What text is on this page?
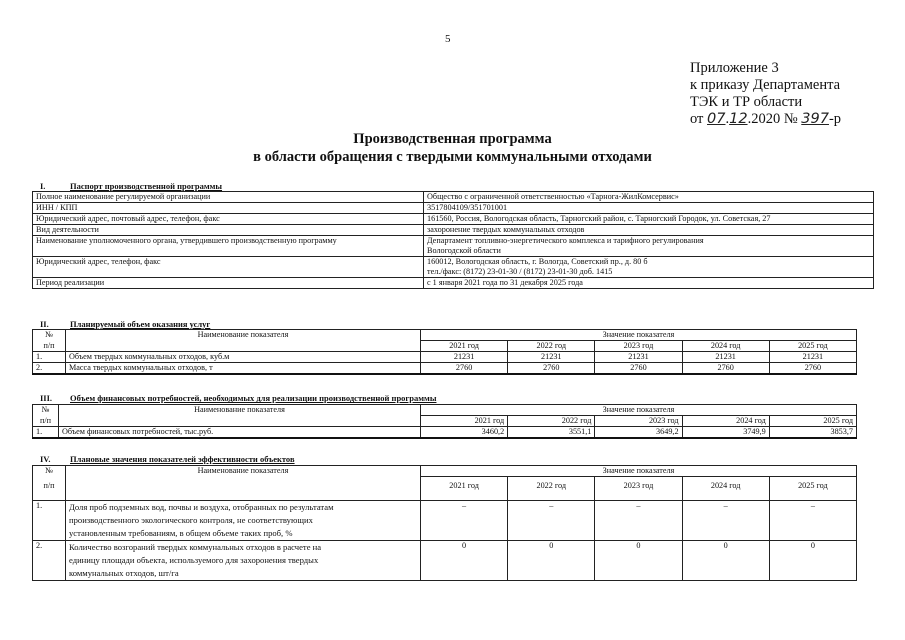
5
Приложение 3
к приказу Департамента
ТЭК и ТР области
от 07.12.2020 № 397-р
Производственная программа
в области обращения с твердыми коммунальными отходами
I.	Паспорт производственной программы
Полное наименование регулируемой организации	Общество с ограниченной ответственностью «Тарнога-ЖилКомсервис»
ИНН / КПП	3517804109/351701001
Юридический адрес, почтовый адрес, телефон, факс	161560, Россия, Вологодская область, Тарногский район, с. Тарногский Городок, ул. Советская, 27
Вид деятельности	захоронение твердых коммунальных отходов
Наименование уполномоченного органа, утвердившего производственную программу	Департамент топливно-энергетического комплекса и тарифного регулирования
Вологодской области

Юридический адрес, телефон, факс	160012, Вологодская область, г. Вологда, Советский пр., д. 80 б
тел./факс: (8172) 23-01-30 / (8172) 23-01-30 доб. 1415

Период реализации	с 1 января 2021 года по 31 декабря 2025 года
II.	Планируемый объем оказания услуг
№	Наименование показателя	Значение показателя				
п/п		2021 год	2022 год	2023 год	2024 год	2025 год
1.	Объем твердых коммунальных отходов, куб.м	21231	21231	21231	21231	21231
2.	Масса твердых коммунальных отходов, т	2760	2760	2760	2760	2760
III. Объем финансовых потребностей, необходимых для реализации производственной программы
№	Наименование показателя	Значение показателя				
п/п		2021 год	2022 год	2023 год	2024 год	2025 год
1.	Объем финансовых потребностей, тыс.руб.	3460,2	3551,1	3649,2	3749,9	3853,7
IV. Плановые значения показателей эффективности объектов
№	Наименование показателя	Значение показателя				
п/п		2021 год	2022 год	2023 год	2024 год	2025 год
1.	Доля проб подземных вод, почвы и воздуха, отобранных по результатам
производственного экологического контроля, не соответствующих
установленным требованиям, в общем объеме таких проб, %	–	–	–	–	–
2.	Количество возгораний твердых коммунальных отходов в расчете на
единицу площади объекта, используемого для захоронения твердых
коммунальных отходов, шт/га	0	0	0	0	0
